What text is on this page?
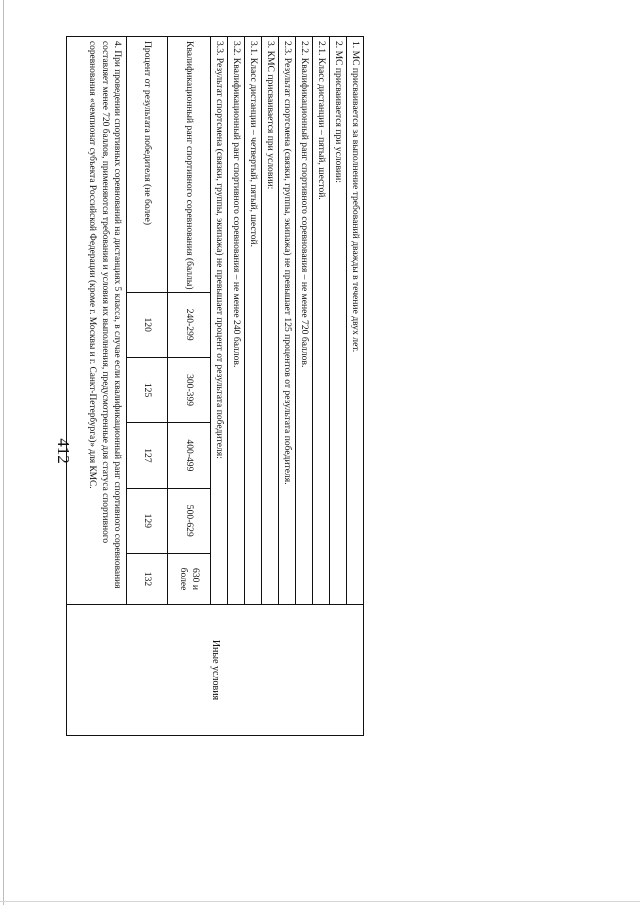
412
1. МС присваивается за выполнение требований дважды в течение двух лет.
2. МС присваивается при условии:
2.1. Класс дистанции – пятый, шестой.
2.2. Квалификационный ранг спортивного соревнования – не менее 720 баллов.
2.3. Результат спортсмена (связки, группы, экипажа) не превышает 125 процентов от результата победителя.
3. КМС присваивается при условии:
3.1. Класс дистанции – четвертый, пятый, шестой.
3.2. Квалификационный ранг спортивного соревнования – не менее 240 баллов.
3.3. Результат спортсмена (связки, группы, экипажа) не превышает процент от результата победителя:
Квалификационный ранг спортивного соревнования (баллы)	240-299	300-399	400-499	500-629	630 и более
Процент от результата победителя (не более)	120	125	127	129	132
4. При проведении спортивных соревнований на дистанциях 5 класса, в случае если квалификационный ранг спортивного соревнования составляет менее 720 баллов, применяются требования и условия их выполнения, предусмотренные для статуса спортивного соревнования «чемпионат субъекта Российской Федерации (кроме г. Москвы и г. Санкт-Петербурга)» для КМС.
Иные условия
